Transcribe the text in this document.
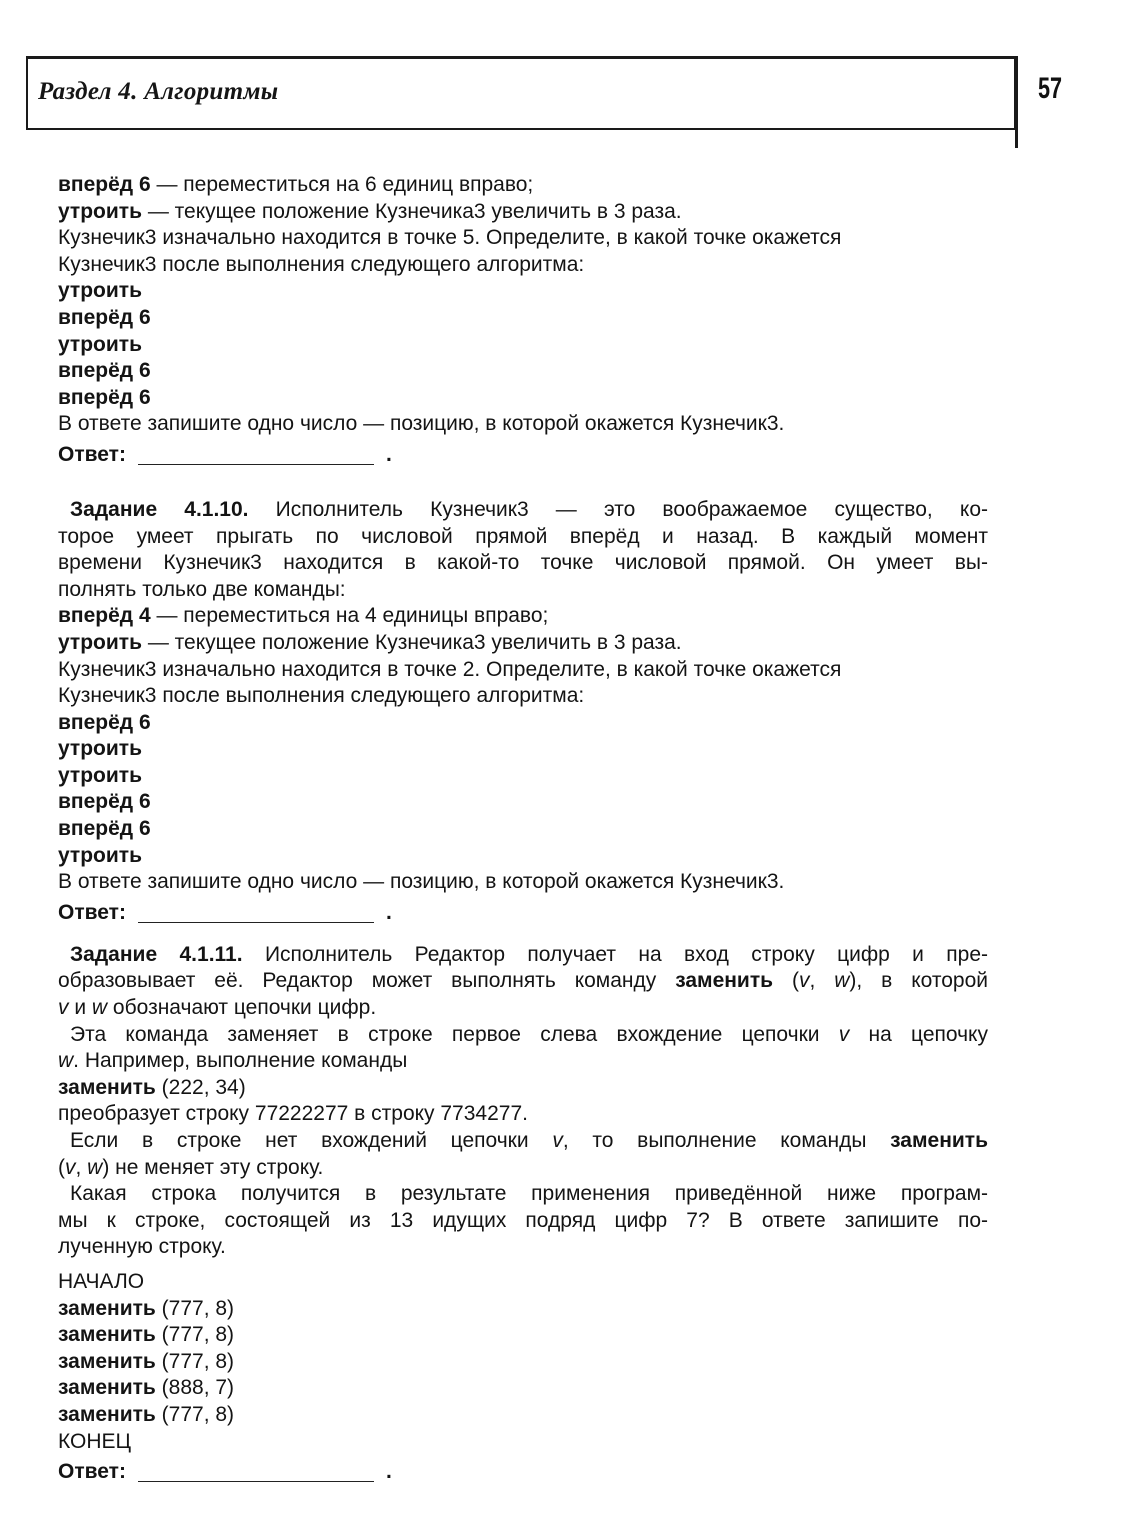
Раздел 4. Алгоритмы	57
вперёд 6 — переместиться на 6 единиц вправо;
утроить — текущее положение Кузнечика3 увеличить в 3 раза.
Кузнечик3 изначально находится в точке 5. Определите, в какой точке окажется
Кузнечик3 после выполнения следующего алгоритма:
утроить
вперёд 6
утроить
вперёд 6
вперёд 6
В ответе запишите одно число — позицию, в которой окажется Кузнечик3.
Ответ:	.
Задание 4.1.10. Исполнитель Кузнечик3 — это воображаемое существо, ко-
торое умеет прыгать по числовой прямой вперёд и назад. В каждый момент
времени Кузнечик3 находится в какой-то точке числовой прямой. Он умеет вы-
полнять только две команды:
вперёд 4 — переместиться на 4 единицы вправо;
утроить — текущее положение Кузнечика3 увеличить в 3 раза.
Кузнечик3 изначально находится в точке 2. Определите, в какой точке окажется
Кузнечик3 после выполнения следующего алгоритма:
вперёд 6
утроить
утроить
вперёд 6
вперёд 6
утроить
В ответе запишите одно число — позицию, в которой окажется Кузнечик3.
Ответ:	.
Задание 4.1.11. Исполнитель Редактор получает на вход строку цифр и пре-
образовывает её. Редактор может выполнять команду заменить (v, w), в которой
v и w обозначают цепочки цифр.
Эта команда заменяет в строке первое слева вхождение цепочки v на цепочку
w. Например, выполнение команды
заменить (222, 34)
преобразует строку 77222277 в строку 7734277.
Если в строке нет вхождений цепочки v, то выполнение команды заменить
(v, w) не меняет эту строку.
Какая строка получится в результате применения приведённой ниже програм-
мы к строке, состоящей из 13 идущих подряд цифр 7? В ответе запишите по-
лученную строку.
НАЧАЛО
заменить (777, 8)
заменить (777, 8)
заменить (777, 8)
заменить (888, 7)
заменить (777, 8)
КОНЕЦ
Ответ:	.
